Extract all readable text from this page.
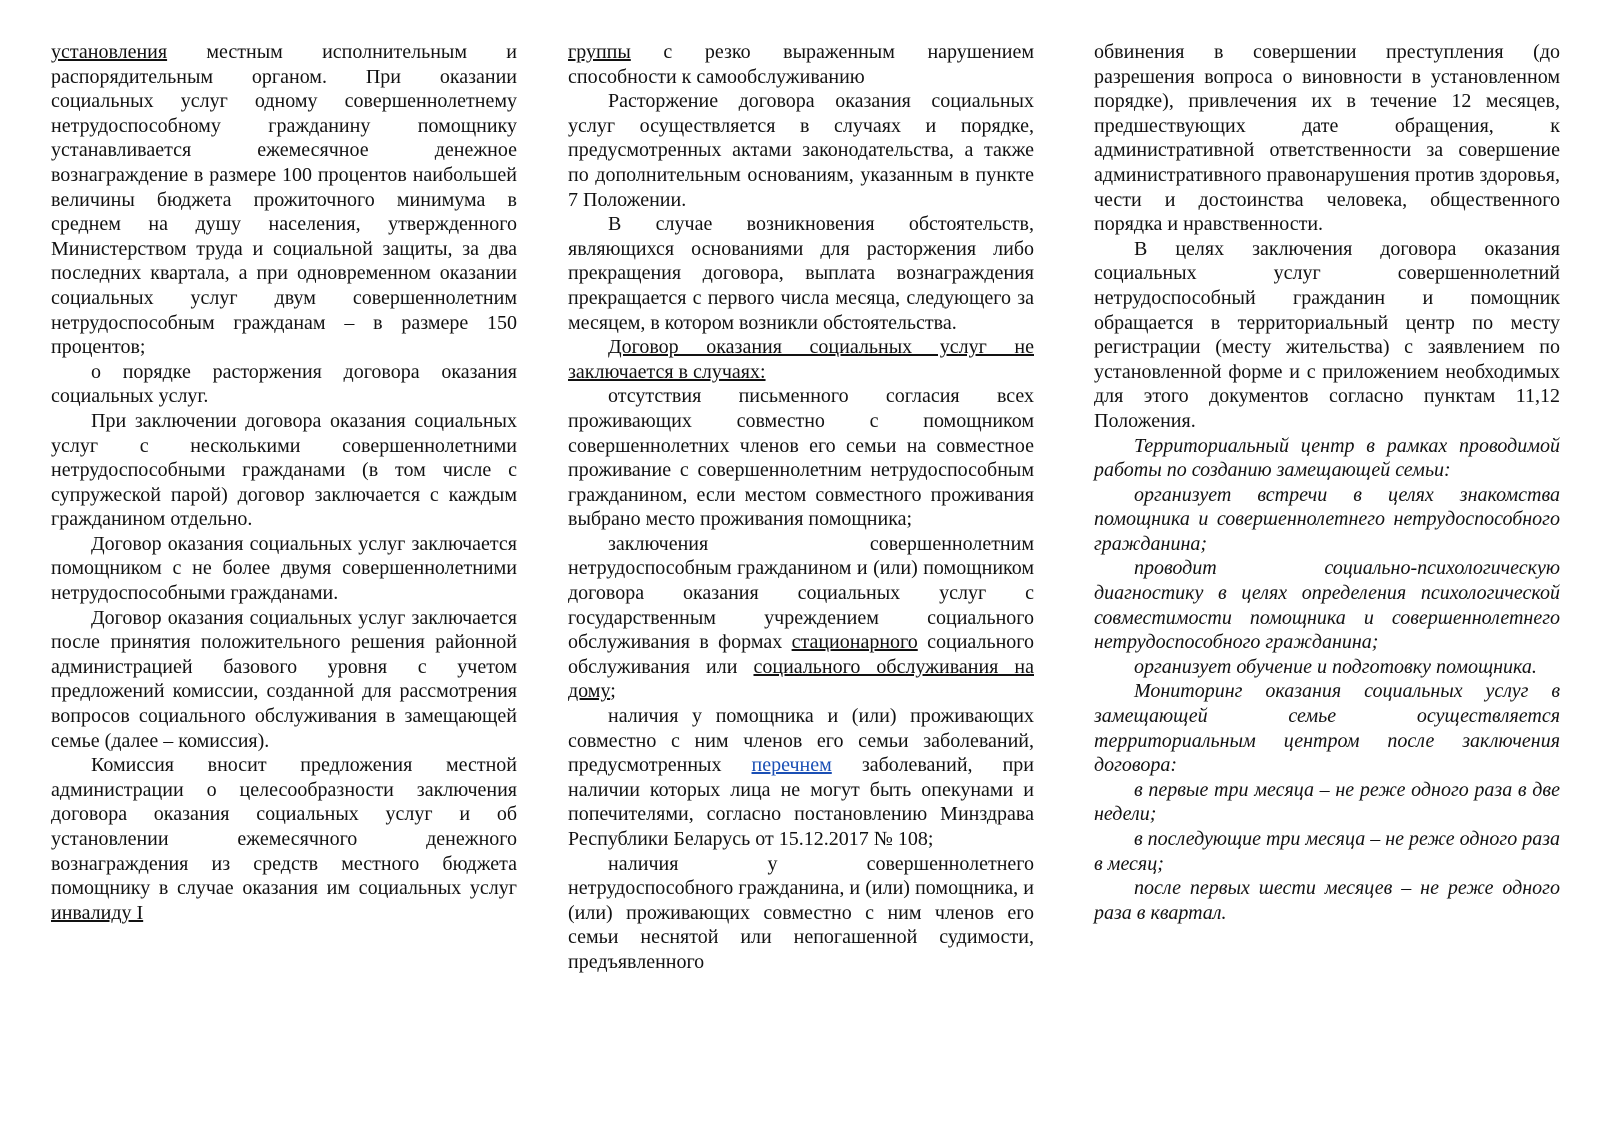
установления местным исполнительным и распорядительным органом. При оказании социальных услуг одному совершеннолетнему нетрудоспособному гражданину помощнику устанавливается ежемесячное денежное вознаграждение в размере 100 процентов наибольшей величины бюджета прожиточного минимума в среднем на душу населения, утвержденного Министерством труда и социальной защиты, за два последних квартала, а при одновременном оказании социальных услуг двум совершеннолетним нетрудоспособным гражданам – в размере 150 процентов;

о порядке расторжения договора оказания социальных услуг.

При заключении договора оказания социальных услуг с несколькими совершеннолетними нетрудоспособными гражданами (в том числе с супружеской парой) договор заключается с каждым гражданином отдельно.

Договор оказания социальных услуг заключается помощником с не более двумя совершеннолетними нетрудоспособными гражданами.

Договор оказания социальных услуг заключается после принятия положительного решения районной администрацией базового уровня с учетом предложений комиссии, созданной для рассмотрения вопросов социального обслуживания в замещающей семье (далее – комиссия).

Комиссия вносит предложения местной администрации о целесообразности заключения договора оказания социальных услуг и об установлении ежемесячного денежного вознаграждения из средств местного бюджета помощнику в случае оказания им социальных услуг инвалиду I

группы с резко выраженным нарушением способности к самообслуживанию

Расторжение договора оказания социальных услуг осуществляется в случаях и порядке, предусмотренных актами законодательства, а также по дополнительным основаниям, указанным в пункте 7 Положении.

В случае возникновения обстоятельств, являющихся основаниями для расторжения либо прекращения договора, выплата вознаграждения прекращается с первого числа месяца, следующего за месяцем, в котором возникли обстоятельства.

Договор оказания социальных услуг не заключается в случаях:

отсутствия письменного согласия всех проживающих совместно с помощником совершеннолетних членов его семьи на совместное проживание с совершеннолетним нетрудоспособным гражданином, если местом совместного проживания выбрано место проживания помощника;

заключения совершеннолетним нетрудоспособным гражданином и (или) помощником договора оказания социальных услуг с государственным учреждением социального обслуживания в формах стационарного социального обслуживания или социального обслуживания на дому;

наличия у помощника и (или) проживающих совместно с ним членов его семьи заболеваний, предусмотренных перечнем заболеваний, при наличии которых лица не могут быть опекунами и попечителями, согласно постановлению Минздрава Республики Беларусь от 15.12.2017 № 108;

наличия у совершеннолетнего нетрудоспособного гражданина, и (или) помощника, и (или) проживающих совместно с ним членов его семьи неснятой или непогашенной судимости, предъявленного

обвинения в совершении преступления (до разрешения вопроса о виновности в установленном порядке), привлечения их в течение 12 месяцев, предшествующих дате обращения, к административной ответственности за совершение административного правонарушения против здоровья, чести и достоинства человека, общественного порядка и нравственности.

В целях заключения договора оказания социальных услуг совершеннолетний нетрудоспособный гражданин и помощник обращается в территориальный центр по месту регистрации (месту жительства) с заявлением по установленной форме и с приложением необходимых для этого документов согласно пунктам 11,12 Положения.

Территориальный центр в рамках проводимой работы по созданию замещающей семьи:

организует встречи в целях знакомства помощника и совершеннолетнего нетрудоспособного гражданина;

проводит социально-психологическую диагностику в целях определения психологической совместимости помощника и совершеннолетнего нетрудоспособного гражданина;

организует обучение и подготовку помощника.

Мониторинг оказания социальных услуг в замещающей семье осуществляется территориальным центром после заключения договора:

в первые три месяца – не реже одного раза в две недели;

в последующие три месяца – не реже одного раза в месяц;

после первых шести месяцев – не реже одного раза в квартал.
